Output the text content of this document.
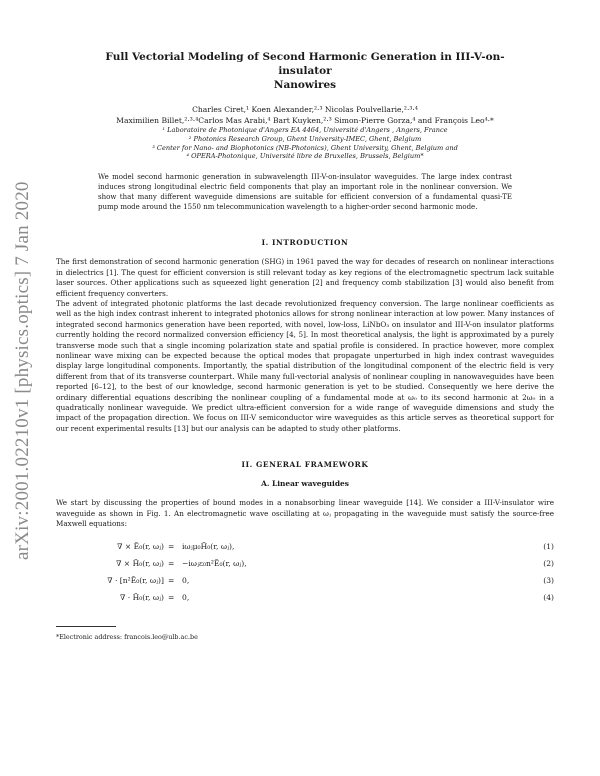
arXiv:2001.02210v1 [physics.optics] 7 Jan 2020
Full Vectorial Modeling of Second Harmonic Generation in III-V-on-insulator
Nanowires
Charles Ciret,¹ Koen Alexander,²·³ Nicolas Poulvellarie,²·³·⁴
Maximilien Billet,²·³·⁴Carlos Mas Arabi,⁴ Bart Kuyken,²·³ Simon-Pierre Gorza,⁴ and François Leo⁴·*
¹ Laboratoire de Photonique d'Angers EA 4464, Université d'Angers , Angers, France
² Photonics Research Group, Ghent University-IMEC, Ghent, Belgium
³ Center for Nano- and Biophotonics (NB-Photonics), Ghent University, Ghent, Belgium and
⁴ OPERA-Photonique, Université libre de Bruxelles, Brussels, Belgium*
We model second harmonic generation in subwavelength III-V-on-insulator waveguides. The large index contrast induces strong longitudinal electric field components that play an important role in the nonlinear conversion. We show that many different waveguide dimensions are suitable for efficient conversion of a fundamental quasi-TE pump mode around the 1550 nm telecommunication wavelength to a higher-order second harmonic mode.
I. INTRODUCTION

The first demonstration of second harmonic generation (SHG) in 1961 paved the way for decades of research on nonlinear interactions in dielectrics [1]. The quest for efficient conversion is still relevant today as key regions of the electromagnetic spectrum lack suitable laser sources. Other applications such as squeezed light generation [2] and frequency comb stabilization [3] would also benefit from efficient frequency converters.

The advent of integrated photonic platforms the last decade revolutionized frequency conversion. The large nonlinear coefficients as well as the high index contrast inherent to integrated photonics allows for strong nonlinear interaction at low power. Many instances of integrated second harmonics generation have been reported, with novel, low-loss, LiNbO₃ on insulator and III-V-on insulator platforms currently holding the record normalized conversion efficiency [4, 5]. In most theoretical analysis, the light is approximated by a purely transverse mode such that a single incoming polarization state and spatial profile is considered. In practice however, more complex nonlinear wave mixing can be expected because the optical modes that propagate unperturbed in high index contrast waveguides display large longitudinal components. Importantly, the spatial distribution of the longitudinal component of the electric field is very different from that of its transverse counterpart. While many full-vectorial analysis of nonlinear coupling in nanowaveguides have been reported [6–12], to the best of our knowledge, second harmonic generation is yet to be studied. Consequently we here derive the ordinary differential equations describing the nonlinear coupling of a fundamental mode at ω₀ to its second harmonic at 2ω₀ in a quadratically nonlinear waveguide. We predict ultra-efficient conversion for a wide range of waveguide dimensions and study the impact of the propagation direction. We focus on III-V semiconductor wire waveguides as this article serves as theoretical support for our recent experimental results [13] but our analysis can be adapted to study other platforms.

II. GENERAL FRAMEWORK
A. Linear waveguides

We start by discussing the properties of bound modes in a nonabsorbing linear waveguide [14]. We consider a III-V-insulator wire waveguide as shown in Fig. 1. An electromagnetic wave oscillating at ωⱼ propagating in the waveguide must satisfy the source-free Maxwell equations:

∇ × Ẽ₀(r, ωⱼ) = iωⱼμ₀H̃₀(r, ωⱼ),	(1)
∇ × H̃₀(r, ωⱼ) = −iωⱼε₀n²Ẽ₀(r, ωⱼ),	(2)
∇ · [n²Ẽ₀(r, ωⱼ)] = 0,	(3)
∇ · H̃₀(r, ωⱼ) = 0,	(4)
*Electronic address: francois.leo@ulb.ac.be
